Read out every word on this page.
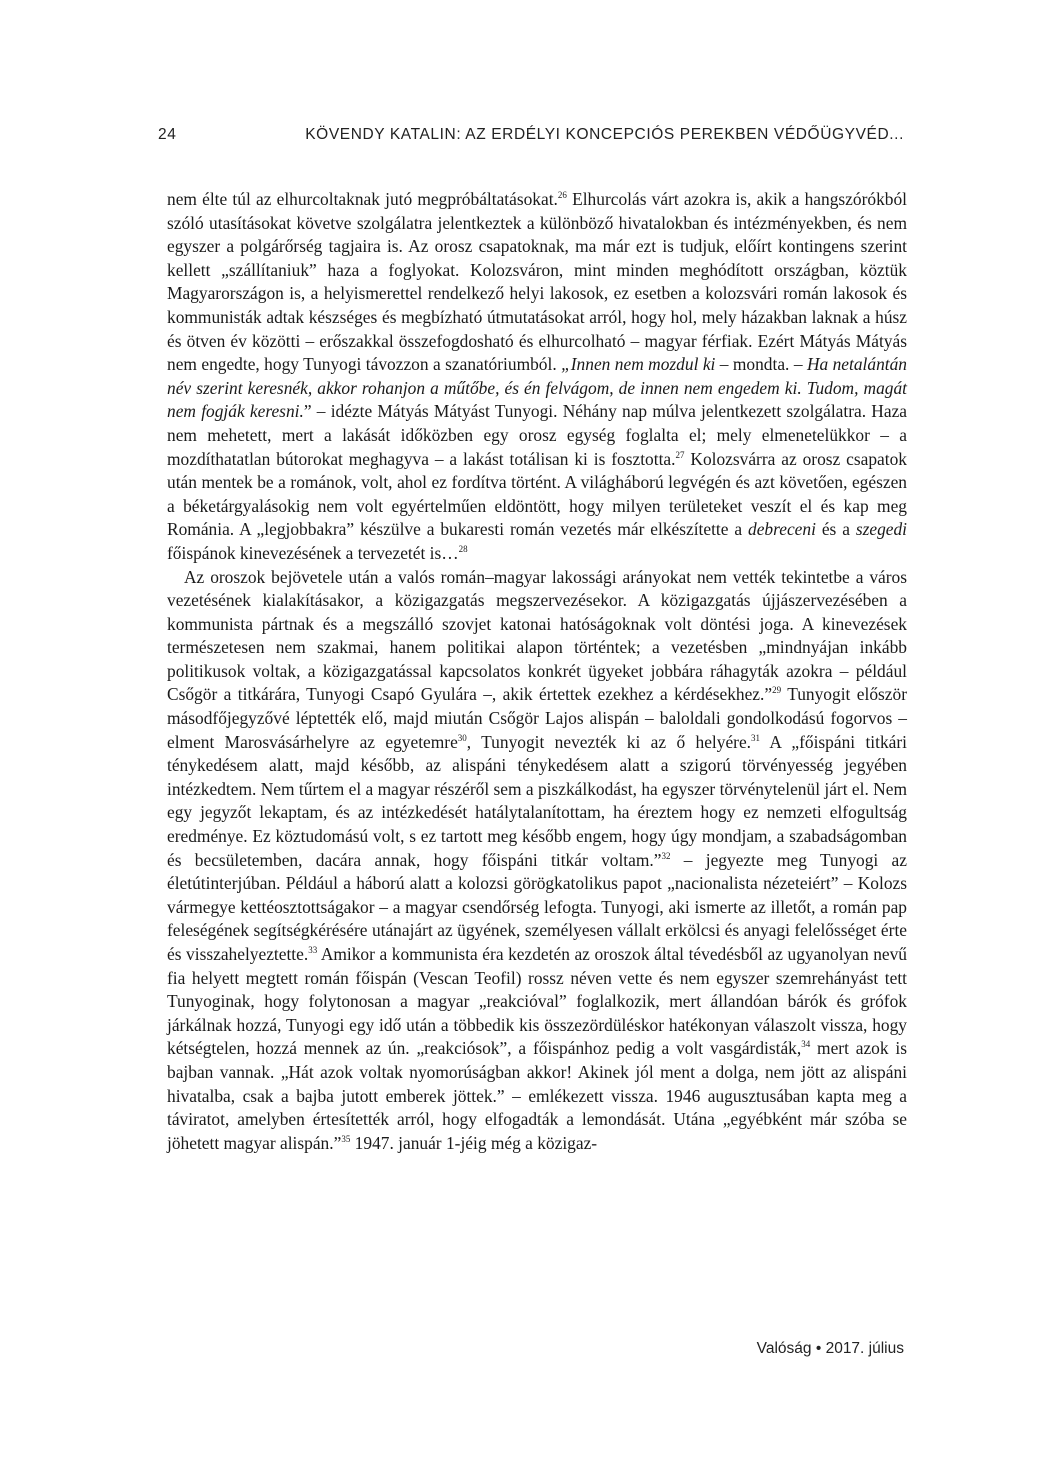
24	KÖVENDY KATALIN: AZ ERDÉLYI KONCEPCIÓS PEREKBEN VÉDŐÜGYVÉD...

nem élte túl az elhurcoltaknak jutó megpróbáltatásokat.$^{26}$ Elhurcolás várt azokra is, akik a hangszórókból szóló utasításokat követve szolgálatra jelentkeztek a különböző hivatalokban és intézményekben, és nem egyszer a polgárőrség tagjaira is. Az orosz csapatoknak, ma már ezt is tudjuk, előírt kontingens szerint kellett „szállítaniuk” haza a foglyokat. Kolozsváron, mint minden meghódított országban, köztük Magyarországon is, a helyismerettel rendelkező helyi lakosok, ez esetben a kolozsvári román lakosok és kommunisták adtak készséges és megbízható útmutatásokat arról, hogy hol, mely házakban laknak a húsz és ötven év közötti – erőszakkal összefogdosható és elhurcolható – magyar férfiak. Ezért Mátyás Mátyás nem engedte, hogy Tunyogi távozzon a szanatóriumból. „Innen nem mozdul ki – mondta. – Ha netalántán név szerint keresnék, akkor rohanjon a műtőbe, és én felvágom, de innen nem engedem ki. Tudom, magát nem fogják keresni.” – idézte Mátyás Mátyást Tunyogi. Néhány nap múlva jelentkezett szolgálatra. Haza nem mehetett, mert a lakását időközben egy orosz egység foglalta el; mely elmenetelükkor – a mozdíthatatlan bútorokat meghagyva – a lakást totálisan ki is fosztotta.$^{27}$ Kolozsvárra az orosz csapatok után mentek be a románok, volt, ahol ez fordítva történt. A világháború legvégén és azt követően, egészen a béketárgyalásokig nem volt egyértelműen eldöntött, hogy milyen területeket veszít el és kap meg Románia. A „legjobbakra” készülve a bukaresti román vezetés már elkészítette a debreceni és a szegedi főispánok kinevezésének a tervezetét is…$^{28}$

Az oroszok bejövetele után a valós román–magyar lakossági arányokat nem vették tekintetbe a város vezetésének kialakításakor, a közigazgatás megszervezésekor. A közigazgatás újjászervezésében a kommunista pártnak és a megszálló szovjet katonai hatóságoknak volt döntési joga. A kinevezések természetesen nem szakmai, hanem politikai alapon történtek; a vezetésben „mindnyájan inkább politikusok voltak, a közigazgatással kapcsolatos konkrét ügyeket jobbára ráhagyták azokra – például Csőgör a titkárára, Tunyogi Csapó Gyulára –, akik értettek ezekhez a kérdésekhez.”$^{29}$ Tunyogit először másodfőjegyzővé léptették elő, majd miután Csőgör Lajos alispán – baloldali gondolkodású fogorvos – elment Marosvásárhelyre az egyetemre$^{30}$, Tunyogit nevezték ki az ő helyére.$^{31}$ A „főispáni titkári ténykedésem alatt, majd később, az alispáni ténykedésem alatt a szigorú törvényesség jegyében intézkedtem. Nem tűrtem el a magyar részéről sem a piszkálkodást, ha egyszer törvénytelenül járt el. Nem egy jegyzőt lekaptam, és az intézkedését hatálytalanítottam, ha éreztem hogy ez nemzeti elfogultság eredménye. Ez köztudomású volt, s ez tartott meg később engem, hogy úgy mondjam, a szabadságomban és becsületemben, dacára annak, hogy főispáni titkár voltam.”$^{32}$ – jegyezte meg Tunyogi az életútinterjúban. Például a háború alatt a kolozsi görögkatolikus papot „nacionalista nézeteiért” – Kolozs vármegye kettéosztottságakor – a magyar csendőrség lefogta. Tunyogi, aki ismerte az illetőt, a román pap feleségének segítségkérésére utánajárt az ügyének, személyesen vállalt erkölcsi és anyagi felelősséget érte és visszahelyeztette.$^{33}$ Amikor a kommunista éra kezdetén az oroszok által tévedésből az ugyanolyan nevű fia helyett megtett román főispán (Vescan Teofil) rossz néven vette és nem egyszer szemrehányást tett Tunyoginak, hogy folytonosan a magyar „reakcióval” foglalkozik, mert állandóan bárók és grófok járkálnak hozzá, Tunyogi egy idő után a többedik kis összezördüléskor hatékonyan válaszolt vissza, hogy kétségtelen, hozzá mennek az ún. „reakciósok”, a főispánhoz pedig a volt vasgárdisták,$^{34}$ mert azok is bajban vannak. „Hát azok voltak nyomorúságban akkor! Akinek jól ment a dolga, nem jött az alispáni hivatalba, csak a bajba jutott emberek jöttek.” – emlékezett vissza. 1946 augusztusában kapta meg a táviratot, amelyben értesítették arról, hogy elfogadták a lemondását. Utána „egyébként már szóba se jöhetett magyar alispán.”$^{35}$ 1947. január 1-jéig még a közigaz-

Valóság • 2017. július
